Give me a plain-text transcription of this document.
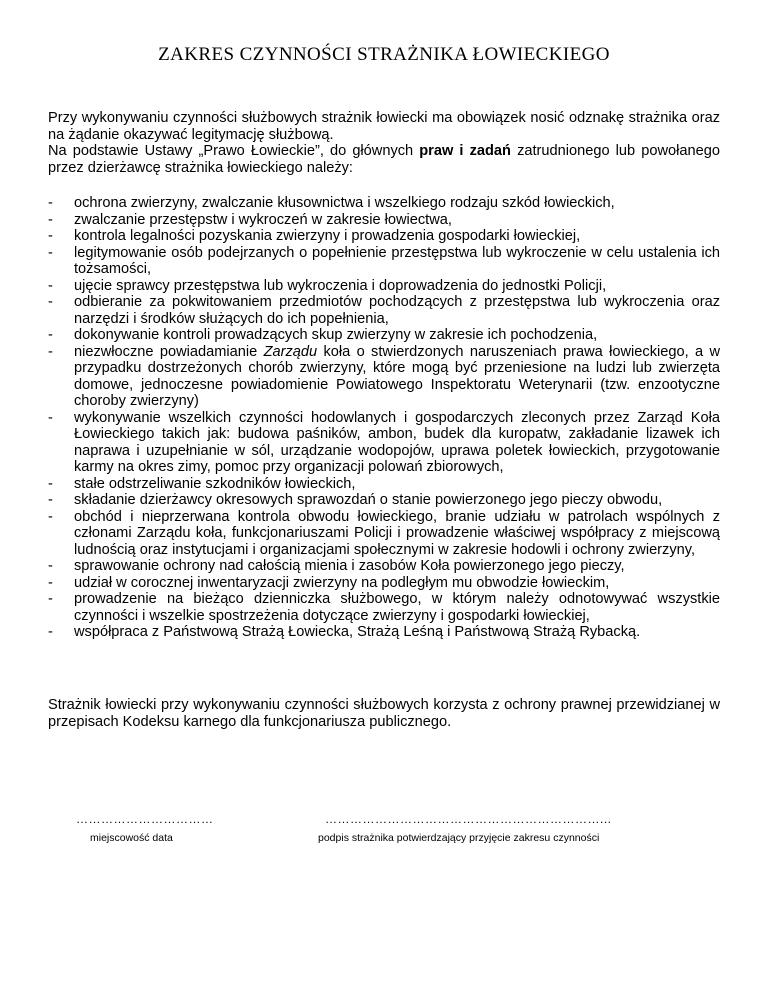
ZAKRES CZYNNOŚCI STRAŻNIKA ŁOWIECKIEGO

Przy wykonywaniu czynności służbowych strażnik łowiecki ma obowiązek nosić odznakę strażnika oraz na żądanie okazywać legitymację służbową.

Na podstawie Ustawy „Prawo Łowieckie”, do głównych praw i zadań zatrudnionego lub powołanego przez dzierżawcę strażnika łowieckiego należy:

- ochrona zwierzyny, zwalczanie kłusownictwa i wszelkiego rodzaju szkód łowieckich,
- zwalczanie przestępstw i wykroczeń w zakresie łowiectwa,
- kontrola legalności pozyskania zwierzyny i prowadzenia gospodarki łowieckiej,
- legitymowanie osób podejrzanych o popełnienie przestępstwa lub wykroczenie w celu ustalenia ich tożsamości,
- ujęcie sprawcy przestępstwa lub wykroczenia i doprowadzenia do jednostki Policji,
- odbieranie za pokwitowaniem przedmiotów pochodzących z przestępstwa lub wykroczenia oraz narzędzi i środków służących do ich popełnienia,
- dokonywanie kontroli prowadzących skup zwierzyny w zakresie ich pochodzenia,
- niezwłoczne powiadamianie Zarządu koła o stwierdzonych naruszeniach prawa łowieckiego, a w przypadku dostrzeżonych chorób zwierzyny, które mogą być przeniesione na ludzi lub zwierzęta domowe, jednoczesne powiadomienie Powiatowego Inspektoratu Weterynarii (tzw. enzootyczne choroby zwierzyny)
- wykonywanie wszelkich czynności hodowlanych i gospodarczych zleconych przez Zarząd Koła Łowieckiego takich jak: budowa paśników, ambon, budek dla kuropatw, zakładanie lizawek ich naprawa i uzupełnianie w sól, urządzanie wodopojów, uprawa poletek łowieckich, przygotowanie karmy na okres zimy, pomoc przy organizacji polowań zbiorowych,
- stałe odstrzeliwanie szkodników łowieckich,
- składanie dzierżawcy okresowych sprawozdań o stanie powierzonego jego pieczy obwodu,
- obchód i nieprzerwana kontrola obwodu łowieckiego, branie udziału w patrolach wspólnych z członami Zarządu koła, funkcjonariuszami Policji i prowadzenie właściwej współpracy z miejscową ludnością oraz instytucjami i organizacjami społecznymi w zakresie hodowli i ochrony zwierzyny,
- sprawowanie ochrony nad całością mienia i zasobów Koła powierzonego jego pieczy,
- udział w corocznej inwentaryzacji zwierzyny na podległym mu obwodzie łowieckim,
- prowadzenie na bieżąco dzienniczka służbowego, w którym należy odnotowywać wszystkie czynności i wszelkie spostrzeżenia dotyczące zwierzyny i gospodarki łowieckiej,
- współpraca z Państwową Strażą Łowiecka, Strażą Leśną i Państwową Strażą Rybacką.

Strażnik łowiecki przy wykonywaniu czynności służbowych korzysta z ochrony prawnej przewidzianej w przepisach Kodeksu karnego dla funkcjonariusza publicznego.

……………………………
miejscowość data
…………………………………………………………...
podpis strażnika potwierdzający przyjęcie zakresu czynności
